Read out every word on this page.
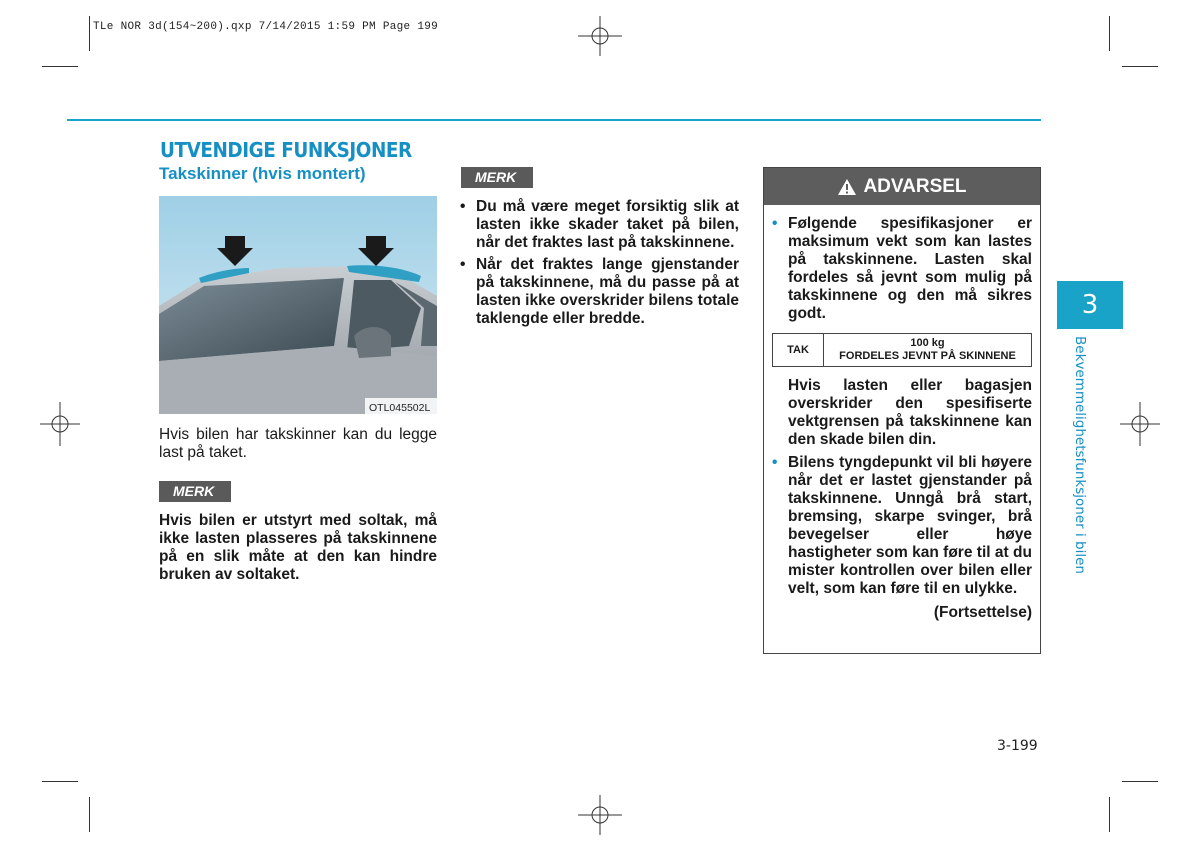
TLe NOR 3d(154~200).qxp 7/14/2015 1:59 PM Page 199
UTVENDIGE FUNKSJONER
Takskinner (hvis montert)
OTL045502L
Hvis bilen har takskinner kan du legge last på taket.
MERK
Hvis bilen er utstyrt med soltak, må ikke lasten plasseres på takskinnene på en slik måte at den kan hindre bruken av soltaket.
MERK
• Du må være meget forsiktig slik at lasten ikke skader taket på bilen, når det fraktes last på takskinnene.
• Når det fraktes lange gjenstander på takskinnene, må du passe på at lasten ikke overskrider bilens totale taklengde eller bredde.
ADVARSEL
• Følgende spesifikasjoner er maksimum vekt som kan lastes på takskinnene. Lasten skal fordeles så jevnt som mulig på takskinnene og den må sikres godt.
TAK
100 kg
FORDELES JEVNT PÅ SKINNENE
Hvis lasten eller bagasjen overskrider den spesifiserte vektgrensen på takskinnene kan den skade bilen din.
• Bilens tyngdepunkt vil bli høyere når det er lastet gjenstander på takskinnene. Unngå brå start, bremsing, skarpe svinger, brå bevegelser eller høye hastigheter som kan føre til at du mister kontrollen over bilen eller velt, som kan føre til en ulykke.
(Fortsettelse)
3
Bekvemmelighetsfunksjoner i bilen
3-199
